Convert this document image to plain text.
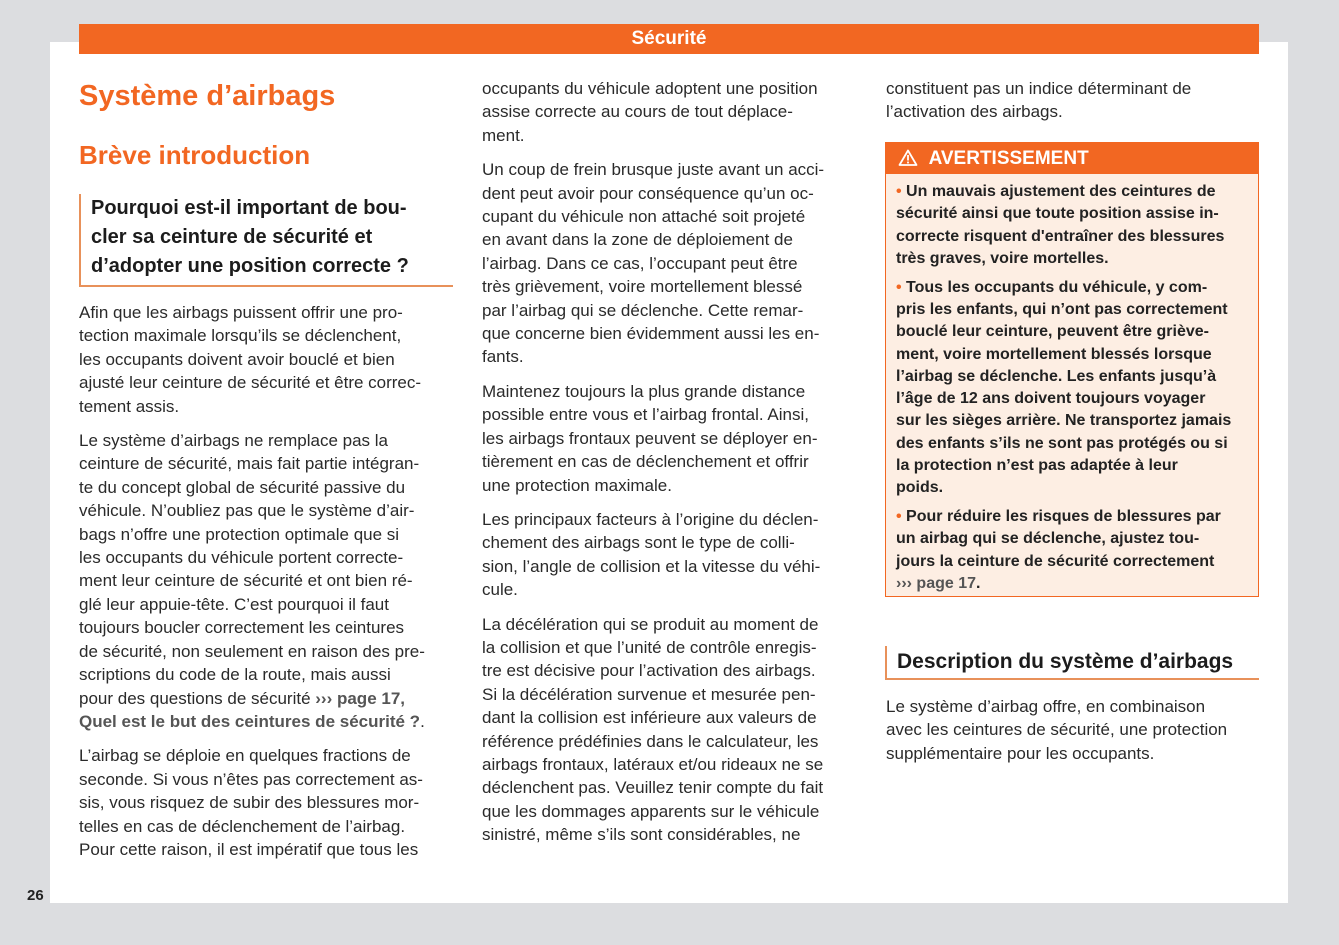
Sécurité
26
Système d’airbags
Brève introduction
Pourquoi est-il important de bou-
cler sa ceinture de sécurité et
d’adopter une position correcte ?
Afin que les airbags puissent offrir une pro-
tection maximale lorsqu’ils se déclenchent,
les occupants doivent avoir bouclé et bien
ajusté leur ceinture de sécurité et être correc-
tement assis.
Le système d’airbags ne remplace pas la
ceinture de sécurité, mais fait partie intégran-
te du concept global de sécurité passive du
véhicule. N’oubliez pas que le système d’air-
bags n’offre une protection optimale que si
les occupants du véhicule portent correcte-
ment leur ceinture de sécurité et ont bien ré-
glé leur appuie-tête. C’est pourquoi il faut
toujours boucler correctement les ceintures
de sécurité, non seulement en raison des pre-
scriptions du code de la route, mais aussi
pour des questions de sécurité ››› page 17,
Quel est le but des ceintures de sécurité ?.
L’airbag se déploie en quelques fractions de
seconde. Si vous n’êtes pas correctement as-
sis, vous risquez de subir des blessures mor-
telles en cas de déclenchement de l’airbag.
Pour cette raison, il est impératif que tous les
occupants du véhicule adoptent une position
assise correcte au cours de tout déplace-
ment.
Un coup de frein brusque juste avant un acci-
dent peut avoir pour conséquence qu’un oc-
cupant du véhicule non attaché soit projeté
en avant dans la zone de déploiement de
l’airbag. Dans ce cas, l’occupant peut être
très grièvement, voire mortellement blessé
par l’airbag qui se déclenche. Cette remar-
que concerne bien évidemment aussi les en-
fants.
Maintenez toujours la plus grande distance
possible entre vous et l’airbag frontal. Ainsi,
les airbags frontaux peuvent se déployer en-
tièrement en cas de déclenchement et offrir
une protection maximale.
Les principaux facteurs à l’origine du déclen-
chement des airbags sont le type de colli-
sion, l’angle de collision et la vitesse du véhi-
cule.
La décélération qui se produit au moment de
la collision et que l’unité de contrôle enregis-
tre est décisive pour l’activation des airbags.
Si la décélération survenue et mesurée pen-
dant la collision est inférieure aux valeurs de
référence prédéfinies dans le calculateur, les
airbags frontaux, latéraux et/ou rideaux ne se
déclenchent pas. Veuillez tenir compte du fait
que les dommages apparents sur le véhicule
sinistré, même s’ils sont considérables, ne
constituent pas un indice déterminant de
l’activation des airbags.
AVERTISSEMENT
• Un mauvais ajustement des ceintures de
sécurité ainsi que toute position assise in-
correcte risquent d'entraîner des blessures
très graves, voire mortelles.
• Tous les occupants du véhicule, y com-
pris les enfants, qui n’ont pas correctement
bouclé leur ceinture, peuvent être griève-
ment, voire mortellement blessés lorsque
l’airbag se déclenche. Les enfants jusqu’à
l’âge de 12 ans doivent toujours voyager
sur les sièges arrière. Ne transportez jamais
des enfants s’ils ne sont pas protégés ou si
la protection n’est pas adaptée à leur
poids.
• Pour réduire les risques de blessures par
un airbag qui se déclenche, ajustez tou-
jours la ceinture de sécurité correctement
››› page 17.
Description du système d’airbags
Le système d’airbag offre, en combinaison
avec les ceintures de sécurité, une protection
supplémentaire pour les occupants.
